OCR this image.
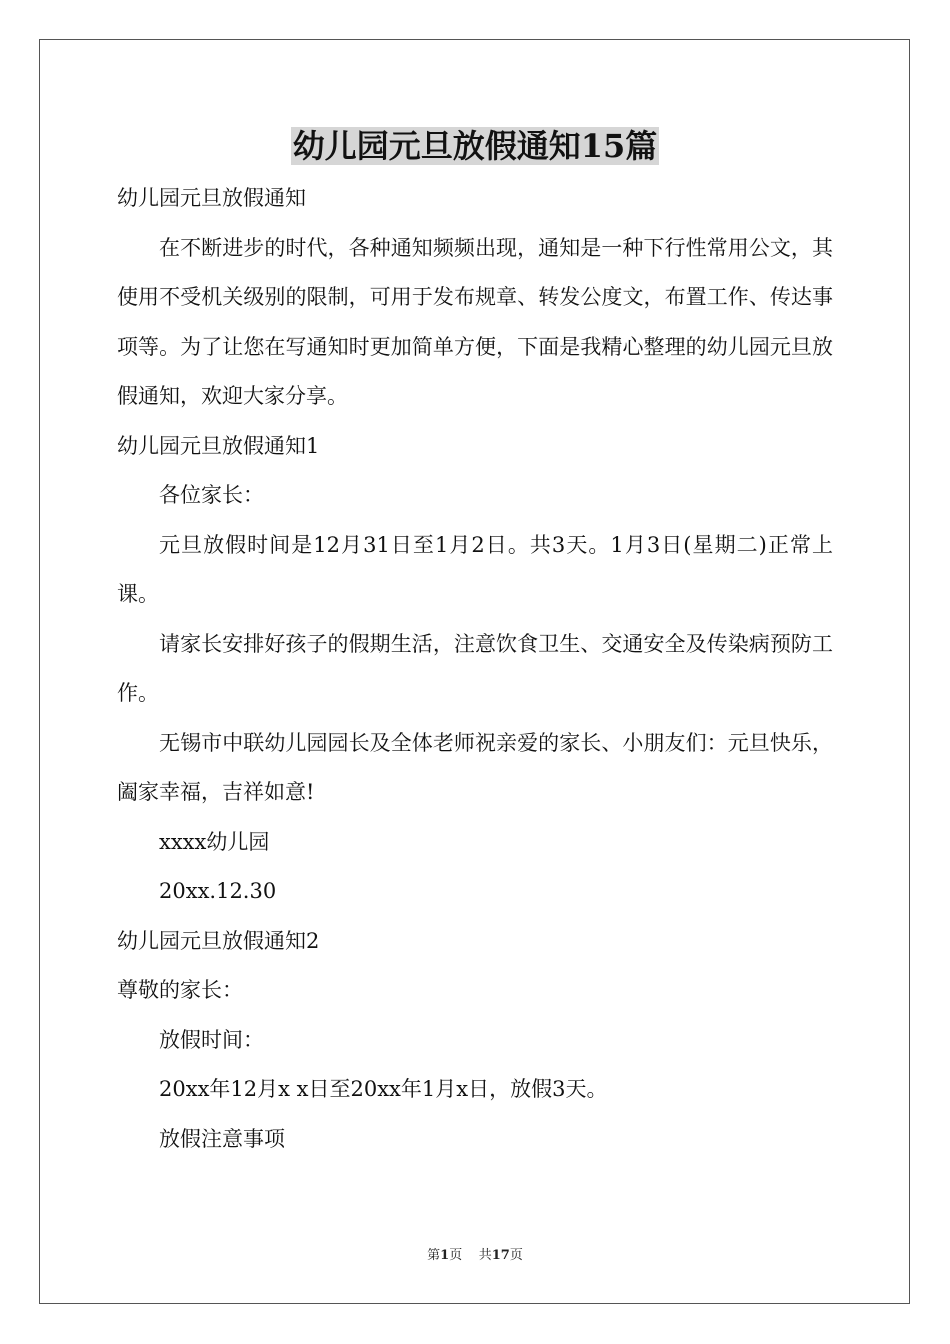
幼儿园元旦放假通知15篇

幼儿园元旦放假通知

在不断进步的时代，各种通知频频出现，通知是一种下行性常用公文，其使用不受机关级别的限制，可用于发布规章、转发公度文，布置工作、传达事项等。为了让您在写通知时更加简单方便，下面是我精心整理的幼儿园元旦放假通知，欢迎大家分享。

幼儿园元旦放假通知1

各位家长：

元旦放假时间是12月31日至1月2日。共3天。1月3日(星期二)正常上课。

请家长安排好孩子的假期生活，注意饮食卫生、交通安全及传染病预防工作。

无锡市中联幼儿园园长及全体老师祝亲爱的家长、小朋友们：元旦快乐，阖家幸福，吉祥如意!

xxxx幼儿园

20xx.12.30

幼儿园元旦放假通知2

尊敬的家长：

放假时间：

20xx年12月x x日至20xx年1月x日，放假3天。

放假注意事项

第1页 共17页
